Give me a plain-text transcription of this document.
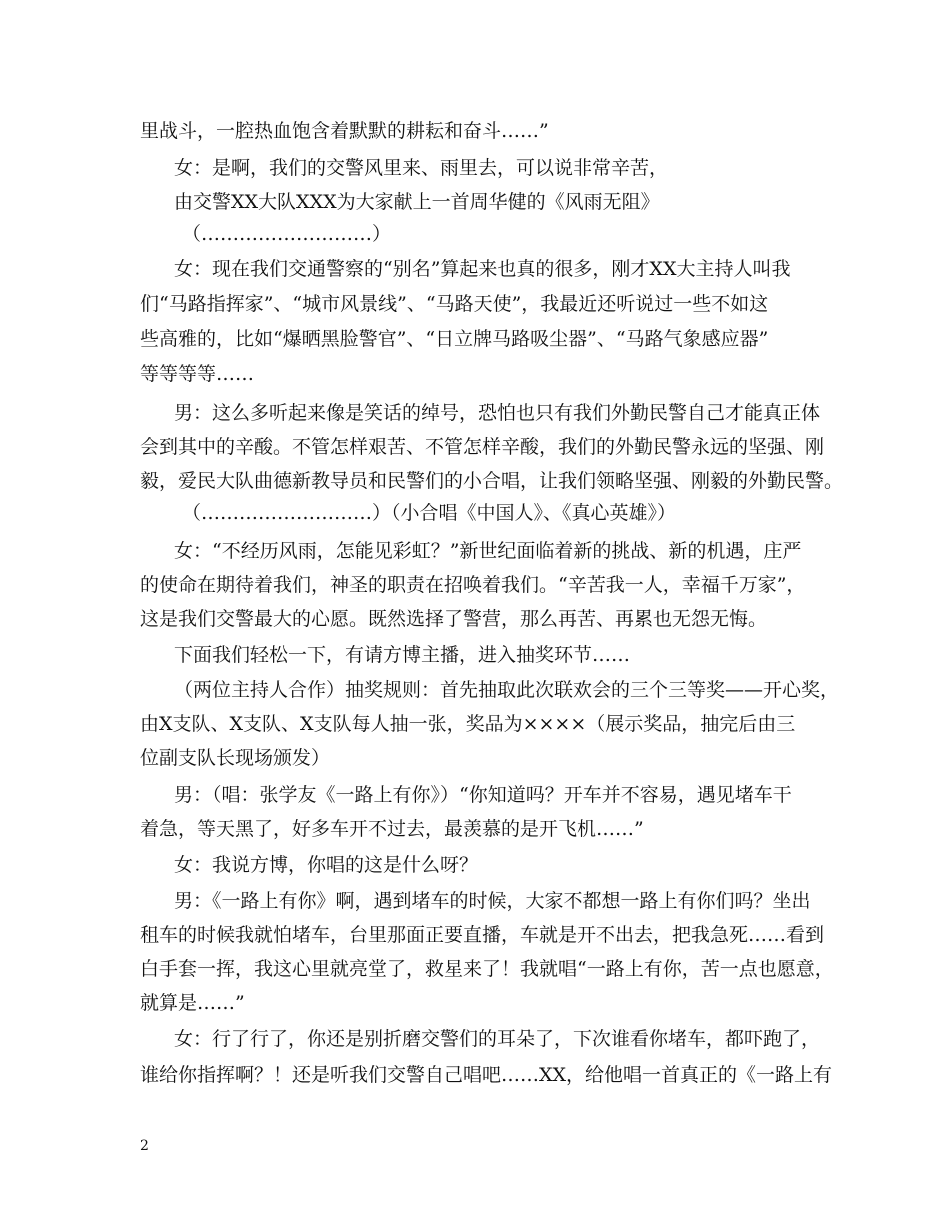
里战斗，一腔热血饱含着默默的耕耘和奋斗……”
女：是啊，我们的交警风里来、雨里去，可以说非常辛苦，
由交警XX大队XXX为大家献上一首周华健的《风雨无阻》
（………………………）
女：现在我们交通警察的“别名”算起来也真的很多，刚才XX大主持人叫我
们“马路指挥家”、“城市风景线”、“马路天使”，我最近还听说过一些不如这
些高雅的，比如“爆晒黑脸警官”、“日立牌马路吸尘器”、“马路气象感应器”
等等等等……
男：这么多听起来像是笑话的绰号，恐怕也只有我们外勤民警自己才能真正体
会到其中的辛酸。不管怎样艰苦、不管怎样辛酸，我们的外勤民警永远的坚强、刚
毅，爱民大队曲德新教导员和民警们的小合唱，让我们领略坚强、刚毅的外勤民警。
（………………………）（小合唱《中国人》、《真心英雄》）
女：“不经历风雨，怎能见彩虹？”新世纪面临着新的挑战、新的机遇，庄严
的使命在期待着我们，神圣的职责在招唤着我们。“辛苦我一人，幸福千万家”，
这是我们交警最大的心愿。既然选择了警营，那么再苦、再累也无怨无悔。
下面我们轻松一下，有请方博主播，进入抽奖环节……
（两位主持人合作）抽奖规则：首先抽取此次联欢会的三个三等奖——开心奖，
由X支队、X支队、X支队每人抽一张，奖品为××××（展示奖品，抽完后由三
位副支队长现场颁发）
男：（唱：张学友《一路上有你》）“你知道吗？开车并不容易，遇见堵车干
着急，等天黑了，好多车开不过去，最羡慕的是开飞机……”
女：我说方博，你唱的这是什么呀？
男：《一路上有你》啊，遇到堵车的时候，大家不都想一路上有你们吗？坐出
租车的时候我就怕堵车，台里那面正要直播，车就是开不出去，把我急死……看到
白手套一挥，我这心里就亮堂了，救星来了！我就唱“一路上有你，苦一点也愿意，
就算是……”
女：行了行了，你还是别折磨交警们的耳朵了，下次谁看你堵车，都吓跑了，
谁给你指挥啊？！还是听我们交警自己唱吧……XX，给他唱一首真正的《一路上有
2
